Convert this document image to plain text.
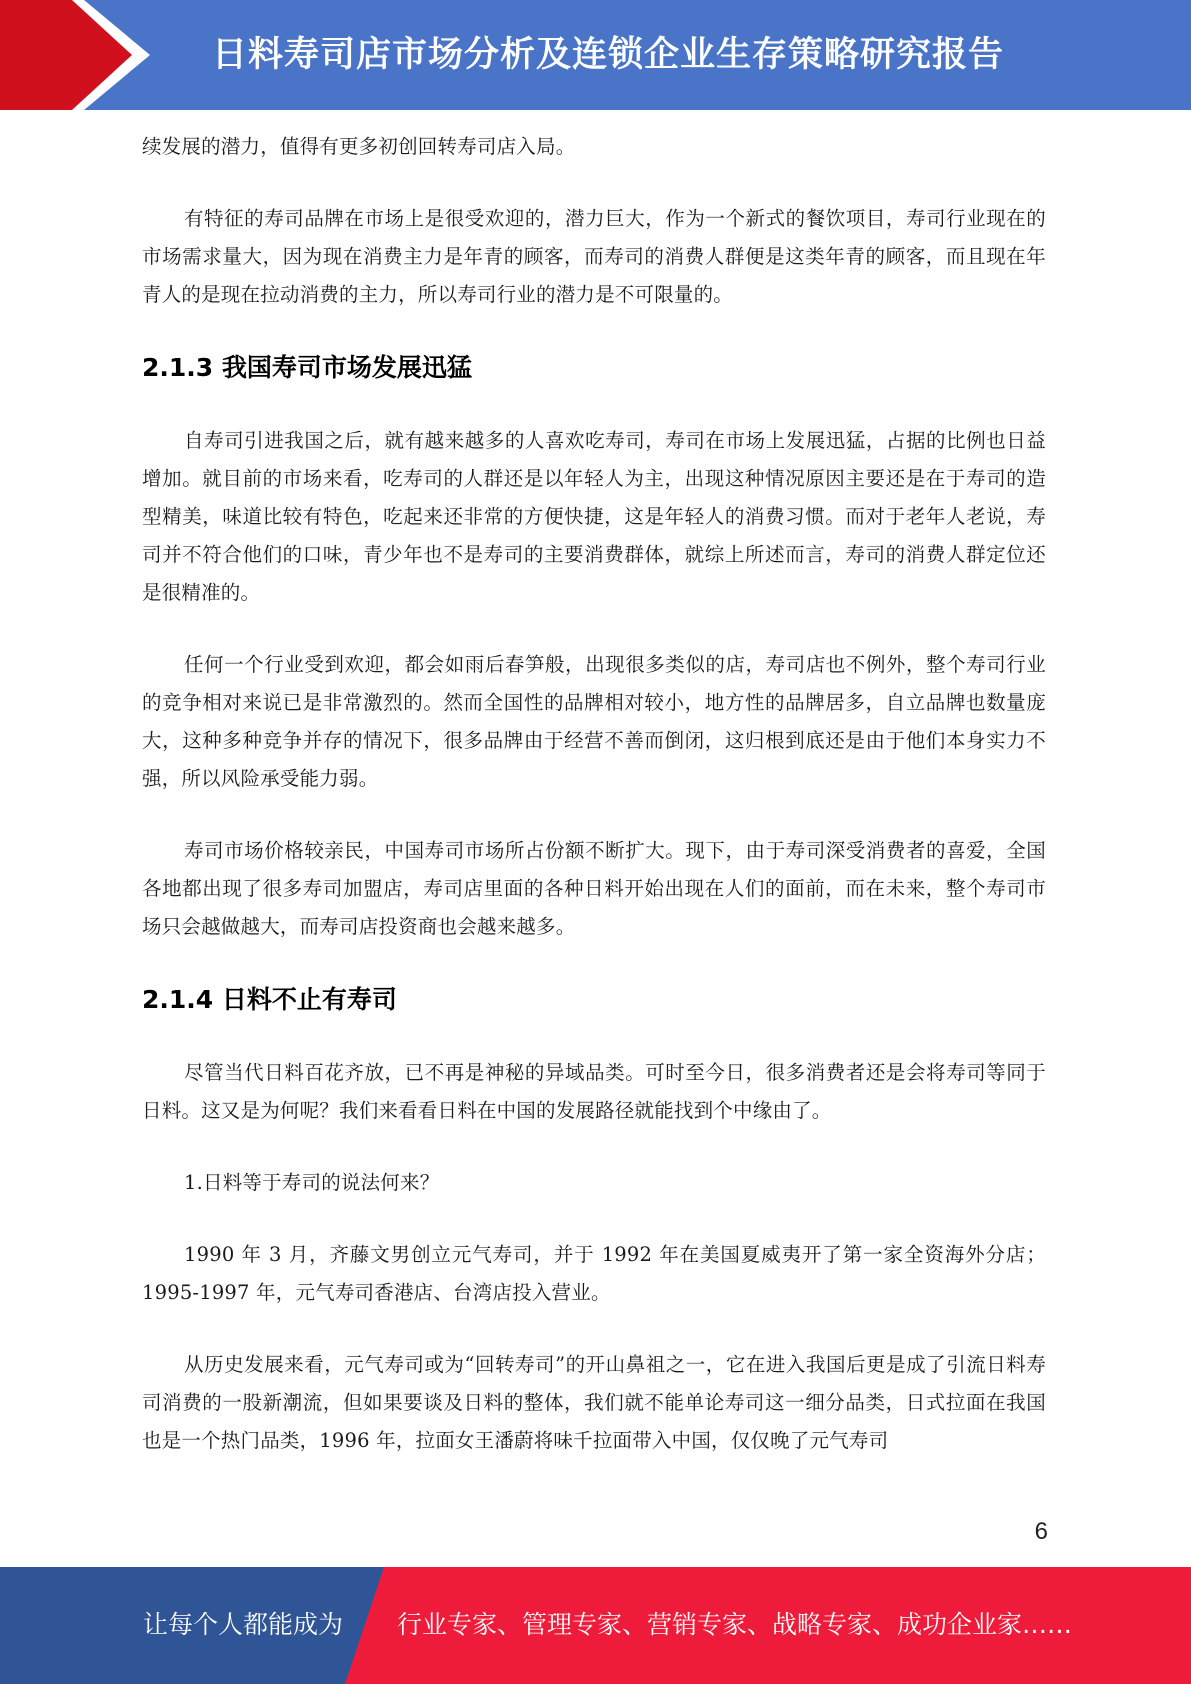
日料寿司店市场分析及连锁企业生存策略研究报告

续发展的潜力，值得有更多初创回转寿司店入局。

有特征的寿司品牌在市场上是很受欢迎的，潜力巨大，作为一个新式的餐饮项目，寿司行业现在的市场需求量大，因为现在消费主力是年青的顾客，而寿司的消费人群便是这类年青的顾客，而且现在年青人的是现在拉动消费的主力，所以寿司行业的潜力是不可限量的。

2.1.3 我国寿司市场发展迅猛

自寿司引进我国之后，就有越来越多的人喜欢吃寿司，寿司在市场上发展迅猛，占据的比例也日益增加。就目前的市场来看，吃寿司的人群还是以年轻人为主，出现这种情况原因主要还是在于寿司的造型精美，味道比较有特色，吃起来还非常的方便快捷，这是年轻人的消费习惯。而对于老年人老说，寿司并不符合他们的口味，青少年也不是寿司的主要消费群体，就综上所述而言，寿司的消费人群定位还是很精准的。

任何一个行业受到欢迎，都会如雨后春笋般，出现很多类似的店，寿司店也不例外，整个寿司行业的竞争相对来说已是非常激烈的。然而全国性的品牌相对较小，地方性的品牌居多，自立品牌也数量庞大，这种多种竞争并存的情况下，很多品牌由于经营不善而倒闭，这归根到底还是由于他们本身实力不强，所以风险承受能力弱。

寿司市场价格较亲民，中国寿司市场所占份额不断扩大。现下，由于寿司深受消费者的喜爱，全国各地都出现了很多寿司加盟店，寿司店里面的各种日料开始出现在人们的面前，而在未来，整个寿司市场只会越做越大，而寿司店投资商也会越来越多。

2.1.4 日料不止有寿司

尽管当代日料百花齐放，已不再是神秘的异域品类。可时至今日，很多消费者还是会将寿司等同于日料。这又是为何呢？我们来看看日料在中国的发展路径就能找到个中缘由了。

1.日料等于寿司的说法何来？

1990 年 3 月，齐藤文男创立元气寿司，并于 1992 年在美国夏威夷开了第一家全资海外分店；1995-1997 年，元气寿司香港店、台湾店投入营业。

从历史发展来看，元气寿司或为“回转寿司”的开山鼻祖之一，它在进入我国后更是成了引流日料寿司消费的一股新潮流，但如果要谈及日料的整体，我们就不能单论寿司这一细分品类，日式拉面在我国也是一个热门品类，1996 年，拉面女王潘蔚将味千拉面带入中国，仅仅晚了元气寿司

6
让每个人都能成为 行业专家、管理专家、营销专家、战略专家、成功企业家……
